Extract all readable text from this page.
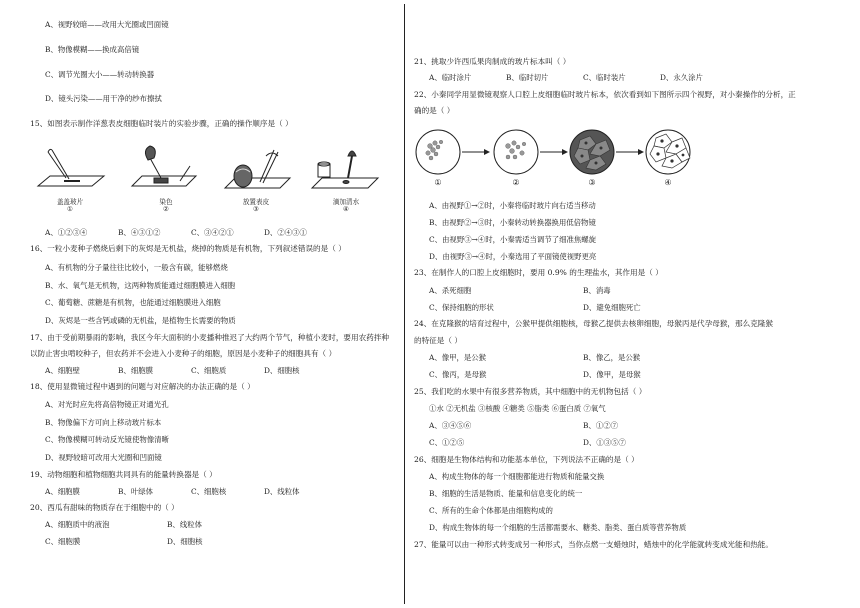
A、视野较暗——改用大光圈或凹面镜
B、物像模糊——换成高倍镜
C、调节光圈大小——转动转换器
D、镜头污染——用干净的纱布擦拭
15、如图表示制作洋葱表皮细胞临时装片的实验步骤，正确的操作顺序是（ ）
盖盖玻片	染色	放置表皮	滴加清水
①	②	③	④
A、①②③④	B、④③①②	C、③④②①	D、②④③①
16、一粒小麦种子燃烧后剩下的灰烬是无机盐，烧掉的物质是有机物，下列叙述错误的是（ ）
A、有机物的分子量往往比较小，一般含有碳，能够燃烧
B、水、氧气是无机物，这两种物质能通过细胞膜进入细胞
C、葡萄糖、蔗糖是有机物，也能通过细胞膜进入细胞
D、灰烬是一些含钙或磷的无机盐，是植物生长需要的物质
17、由于受前期暴雨的影响，我区今年大面积的小麦播种推迟了大约两个节气，种植小麦时，要用农药拌种
以防止害虫啃咬种子，但农药并不会进入小麦种子的细胞，原因是小麦种子的细胞具有（ ）
A、细胞壁	B、细胞膜	C、细胞质	D、细胞核
18、使用显微镜过程中遇到的问题与对应解决的办法正确的是（ ）
A、对光时应先将高倍物镜正对通光孔
B、物像偏下方可向上移动玻片标本
C、物像模糊可转动反光镜使物像清晰
D、视野较暗可改用大光圈和凹面镜
19、动物细胞和植物细胞共同具有的能量转换器是（ ）
A、细胞膜	B、叶绿体	C、细胞核	D、线粒体
20、西瓜有甜味的物质存在于细胞中的（ ）
A、细胞质中的液泡	B、线粒体
C、细胞膜	D、细胞核
21、挑取少许西瓜果肉制成的玻片标本叫（ ）
A、临时涂片	B、临时切片	C、临时装片	D、永久涂片
22、小秦同学用显微镜观察人口腔上皮细胞临时玻片标本，依次看到如下图所示四个视野，对小秦操作的分析，正
确的是（ ）
①	②	③	④
A、由视野①→②时，小秦将临时玻片向右适当移动
B、由视野②→③时，小秦转动转换器换用低倍物镜
C、由视野③→④时，小秦需适当调节了细准焦螺旋
D、由视野③→④时，小秦选用了平面镜使视野更亮
23、在制作人的口腔上皮细胞时，要用 0.9% 的生理盐水，其作用是（ ）
A、杀死细胞	B、消毒
C、保持细胞的形状	D、避免细胞死亡
24、在克隆猴的培育过程中，公猴甲提供细胞核，母猴乙提供去核卵细胞，母猴丙是代孕母猴，那么克隆猴
的特征是（ ）
A、像甲，是公猴	B、像乙，是公猴
C、像丙，是母猴	D、像甲，是母猴
25、我们吃的水果中有很多营养物质，其中细胞中的无机物包括（ ）
①水 ②无机盐 ③核酸 ④糖类 ⑤脂类 ⑥蛋白质 ⑦氧气
A、③④⑤⑥	B、①②⑦
C、①②⑤	D、①③⑤⑦
26、细胞是生物体结构和功能基本单位，下列说法不正确的是（ ）
A、构成生物体的每一个细胞都能进行物质和能量交换
B、细胞的生活是物质、能量和信息变化的统一
C、所有的生命个体都是由细胞构成的
D、构成生物体的每一个细胞的生活都需要水、糖类、脂类、蛋白质等营养物质
27、能量可以由一种形式转变成另一种形式，当你点燃一支蜡烛时，蜡烛中的化学能就转变成光能和热能。
